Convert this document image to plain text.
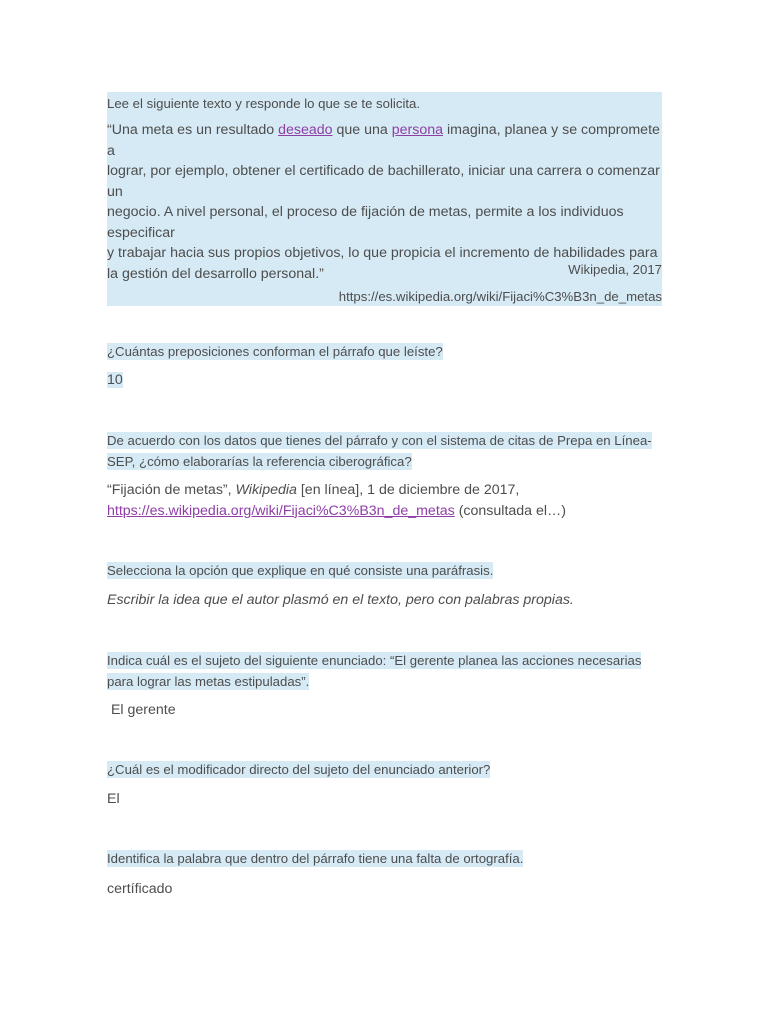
Lee el siguiente texto y responde lo que se te solicita.
“Una meta es un resultado deseado que una persona imagina, planea y se compromete a
lograr, por ejemplo, obtener el certificado de bachillerato, iniciar una carrera o comenzar un
negocio. A nivel personal, el proceso de fijación de metas, permite a los individuos especificar
y trabajar hacia sus propios objetivos, lo que propicia el incremento de habilidades para
la gestión del desarrollo personal.”	Wikipedia, 2017
https://es.wikipedia.org/wiki/Fijaci%C3%B3n_de_metas
¿Cuántas preposiciones conforman el párrafo que leíste?
10
De acuerdo con los datos que tienes del párrafo y con el sistema de citas de Prepa en Línea-
SEP, ¿cómo elaborarías la referencia ciberográfica?
“Fijación de metas”, Wikipedia [en línea], 1 de diciembre de 2017,
https://es.wikipedia.org/wiki/Fijaci%C3%B3n_de_metas (consultada el…)
Selecciona la opción que explique en qué consiste una paráfrasis.
Escribir la idea que el autor plasmó en el texto, pero con palabras propias.
Indica cuál es el sujeto del siguiente enunciado: “El gerente planea las acciones necesarias
para lograr las metas estipuladas”.
El gerente
¿Cuál es el modificador directo del sujeto del enunciado anterior?
El
Identifica la palabra que dentro del párrafo tiene una falta de ortografía.
certíficado
